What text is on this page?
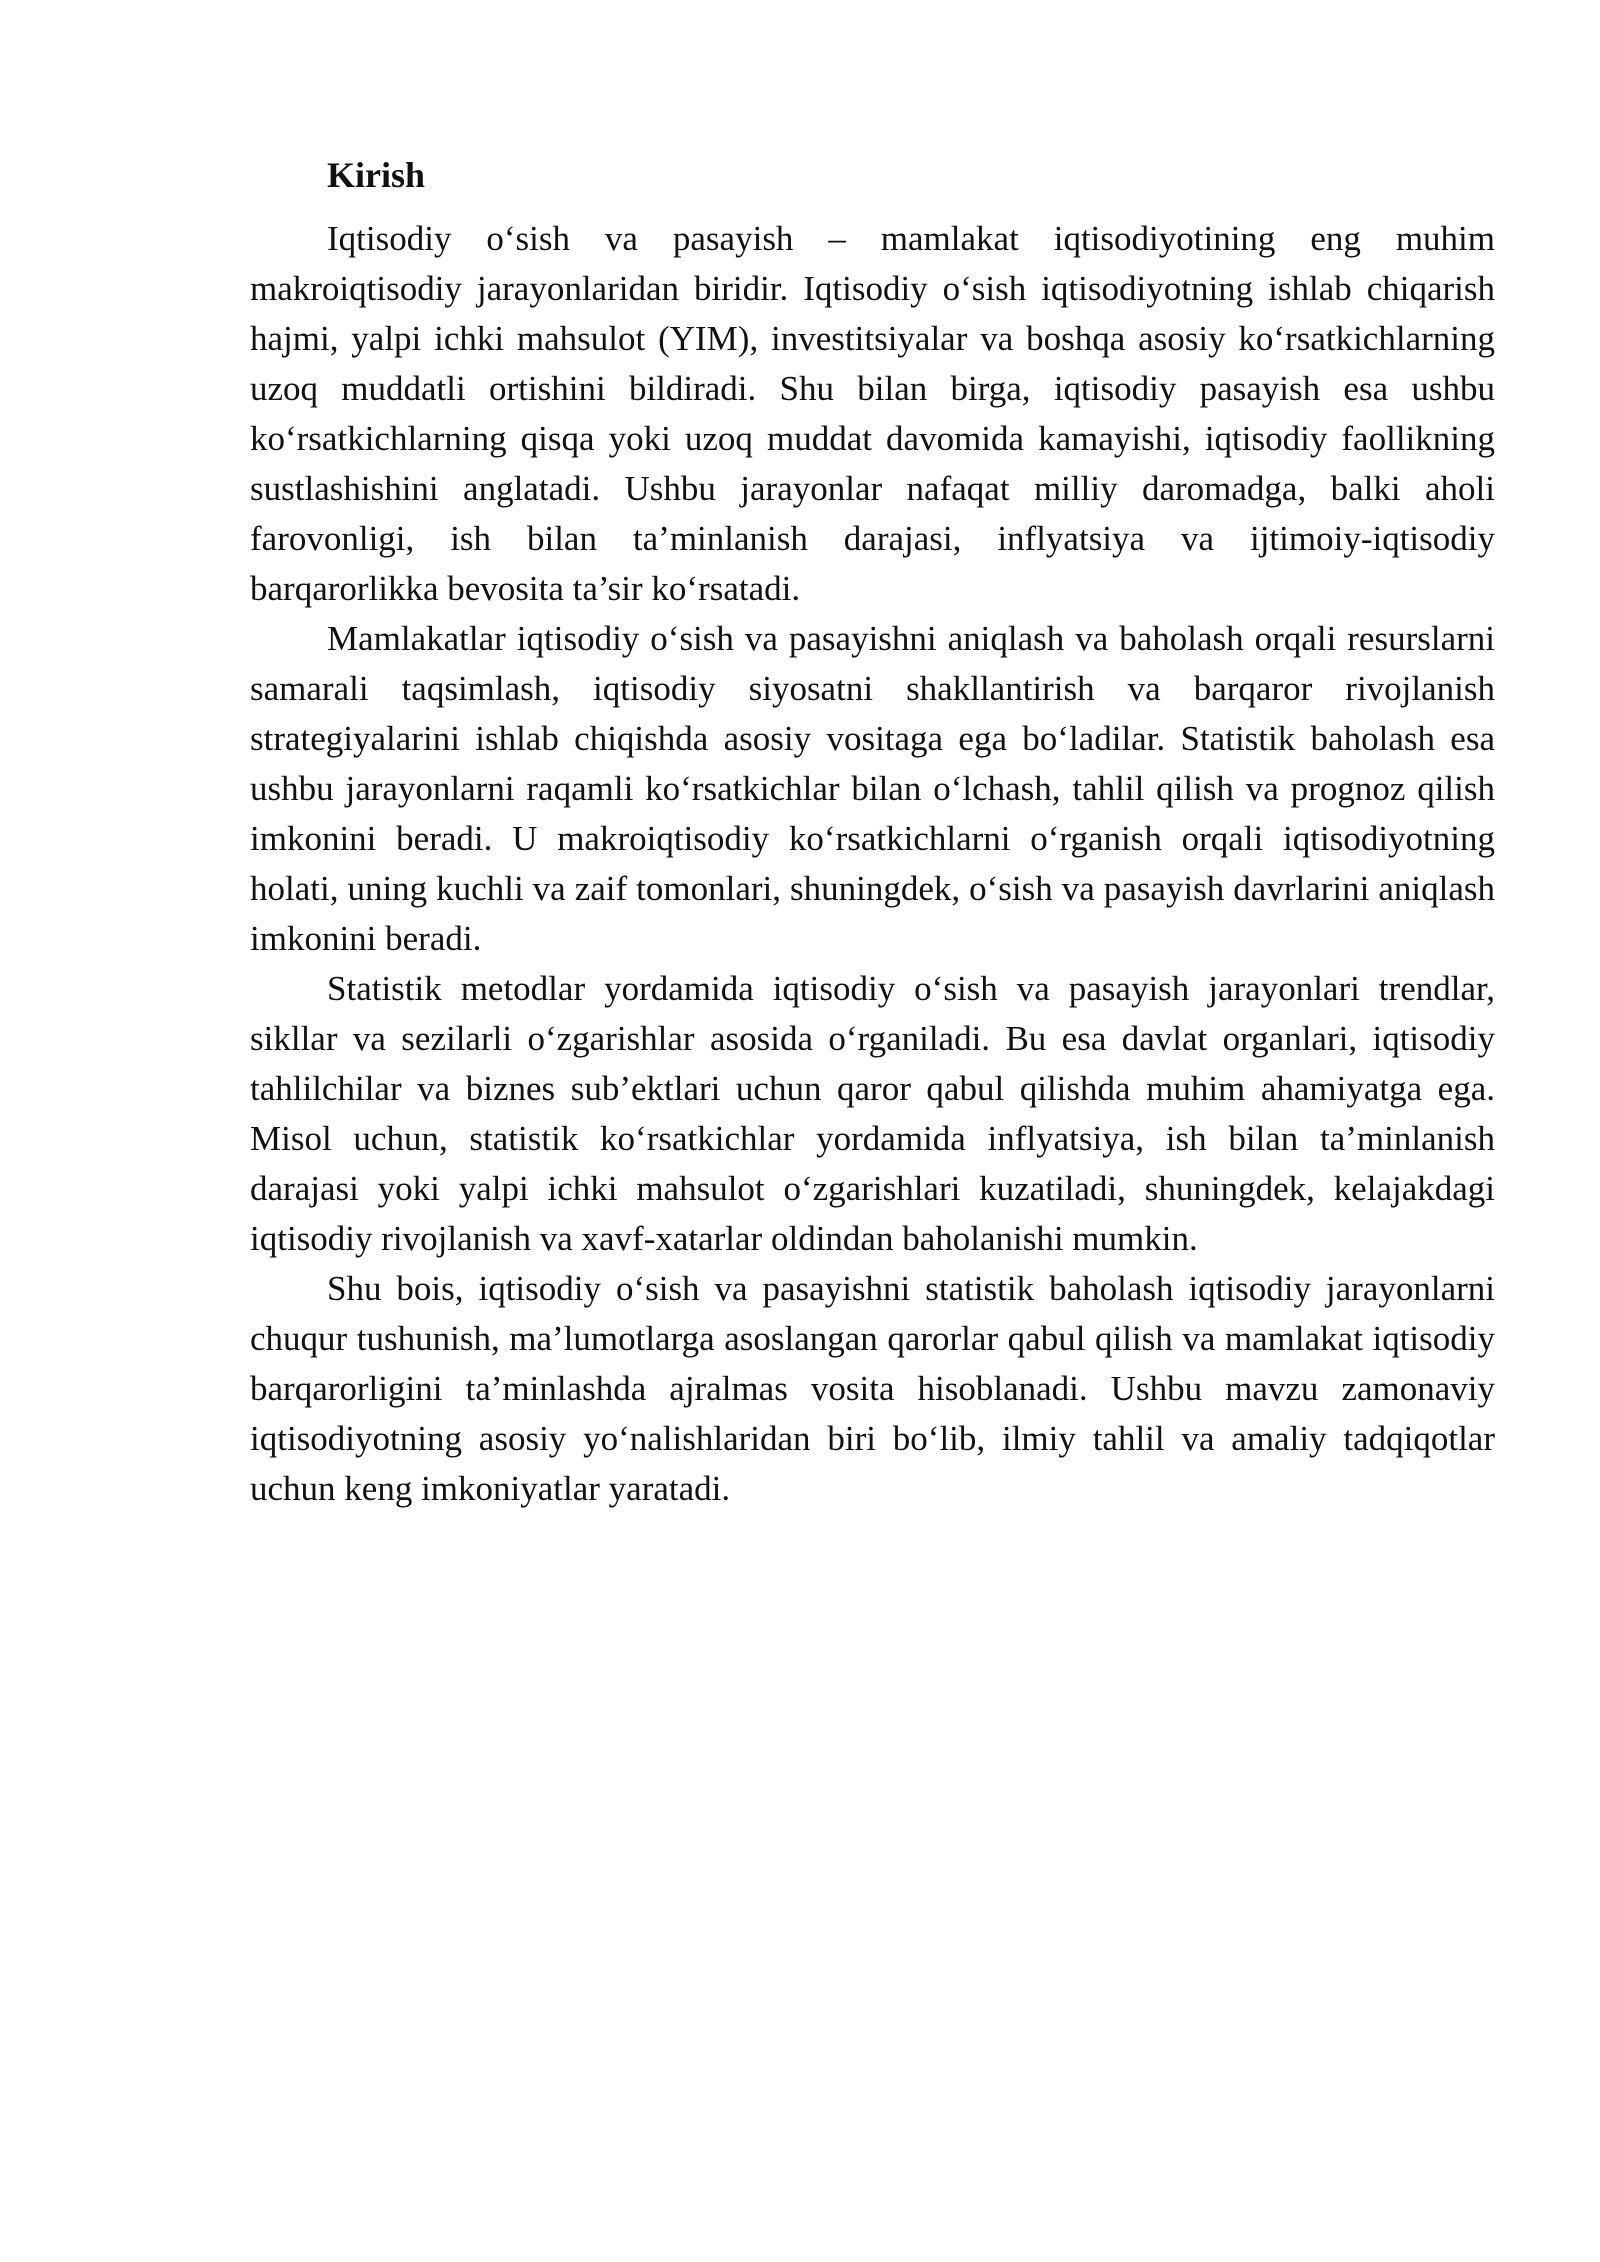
Kirish

Iqtisodiy o‘sish va pasayish – mamlakat iqtisodiyotining eng muhim makroiqtisodiy jarayonlaridan biridir. Iqtisodiy o‘sish iqtisodiyotning ishlab chiqarish hajmi, yalpi ichki mahsulot (YIM), investitsiyalar va boshqa asosiy ko‘rsatkichlarning uzoq muddatli ortishini bildiradi. Shu bilan birga, iqtisodiy pasayish esa ushbu ko‘rsatkichlarning qisqa yoki uzoq muddat davomida kamayishi, iqtisodiy faollikning sustlashishini anglatadi. Ushbu jarayonlar nafaqat milliy daromadga, balki aholi farovonligi, ish bilan ta’minlanish darajasi, inflyatsiya va ijtimoiy-iqtisodiy barqarorlikka bevosita ta’sir ko‘rsatadi.

Mamlakatlar iqtisodiy o‘sish va pasayishni aniqlash va baholash orqali resurslarni samarali taqsimlash, iqtisodiy siyosatni shakllantirish va barqaror rivojlanish strategiyalarini ishlab chiqishda asosiy vositaga ega bo‘ladilar. Statistik baholash esa ushbu jarayonlarni raqamli ko‘rsatkichlar bilan o‘lchash, tahlil qilish va prognoz qilish imkonini beradi. U makroiqtisodiy ko‘rsatkichlarni o‘rganish orqali iqtisodiyotning holati, uning kuchli va zaif tomonlari, shuningdek, o‘sish va pasayish davrlarini aniqlash imkonini beradi.

Statistik metodlar yordamida iqtisodiy o‘sish va pasayish jarayonlari trendlar, sikllar va sezilarli o‘zgarishlar asosida o‘rganiladi. Bu esa davlat organlari, iqtisodiy tahlilchilar va biznes sub’ektlari uchun qaror qabul qilishda muhim ahamiyatga ega. Misol uchun, statistik ko‘rsatkichlar yordamida inflyatsiya, ish bilan ta’minlanish darajasi yoki yalpi ichki mahsulot o‘zgarishlari kuzatiladi, shuningdek, kelajakdagi iqtisodiy rivojlanish va xavf-xatarlar oldindan baholanishi mumkin.

Shu bois, iqtisodiy o‘sish va pasayishni statistik baholash iqtisodiy jarayonlarni chuqur tushunish, ma’lumotlarga asoslangan qarorlar qabul qilish va mamlakat iqtisodiy barqarorligini ta’minlashda ajralmas vosita hisoblanadi. Ushbu mavzu zamonaviy iqtisodiyotning asosiy yo‘nalishlaridan biri bo‘lib, ilmiy tahlil va amaliy tadqiqotlar uchun keng imkoniyatlar yaratadi.
